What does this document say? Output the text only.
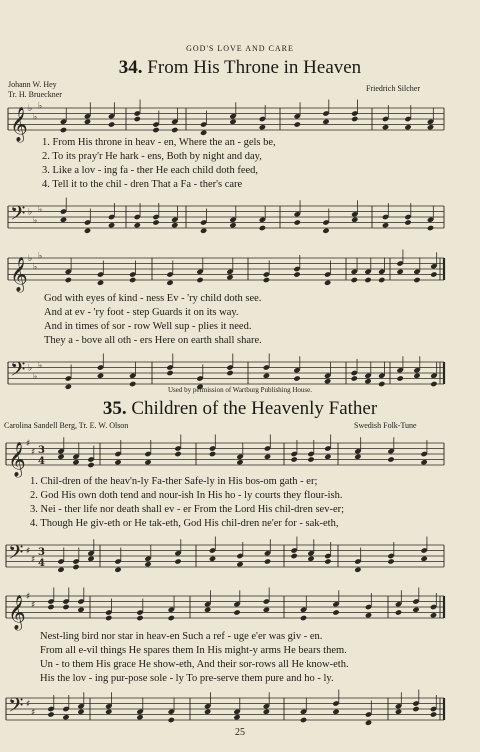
GOD'S LOVE AND CARE
34. From His Throne in Heaven
Johann W. Hey
Tr. H. Brueckner
Friedrich Silcher
𝄞 ♭
♭
♭
1. From His throne in heav - en, Where the an - gels be,
2. To its pray'r He hark - ens, Both by night and day,
3. Like a lov - ing fa - ther He each child doth feed,
4. Tell it to the chil - dren That a Fa - ther's care
𝄢 ♭
♭
♭
𝄞 ♭
♭
♭
God with eyes of kind - ness Ev - 'ry child doth see.
And at ev - 'ry foot - step Guards it on its way.
And in times of sor - row Well sup - plies it need.
They a - bove all oth - ers Here on earth shall share.
𝄢 ♭
♭
♭
Used by permission of Wartburg Publishing House.
35. Children of the Heavenly Father
Carolina Sandell Berg, Tr. E. W. Olson	Swedish Folk-Tune
𝄞 ♯
♯ 3
4
1. Chil-dren of the heav'n-ly Fa-ther Safe-ly in His bos-om gath - er;
2. God His own doth tend and nour-ish In His ho - ly courts they flour-ish.
3. Nei - ther life nor death shall ev - er From the Lord His chil-dren sev-er;
4. Though He giv-eth or He tak-eth, God His chil-dren ne'er for - sak-eth,
𝄢 ♯
♯
3
4
𝄞 ♯
♯
Nest-ling bird nor star in heav-en Such a ref - uge e'er was giv - en.
From all e-vil things He spares them In His might-y arms He bears them.
Un - to them His grace He show-eth, And their sor-rows all He know-eth.
His the lov - ing pur-pose sole - ly To pre-serve them pure and ho - ly.
𝄢 ♯
♯
25
